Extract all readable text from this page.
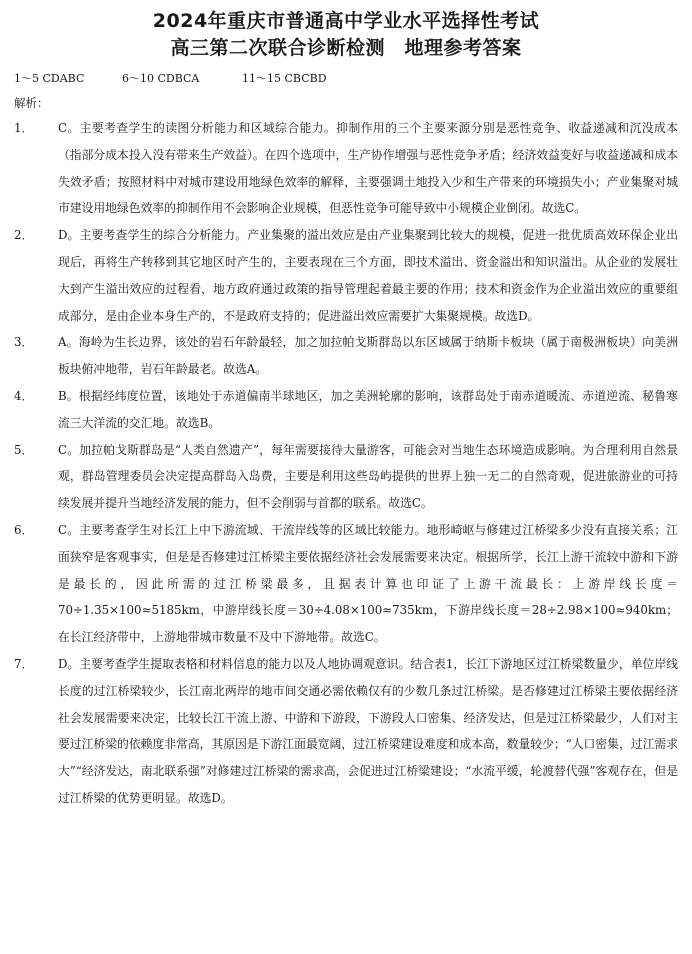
2024年重庆市普通高中学业水平选择性考试
高三第二次联合诊断检测　地理参考答案
1～5 CDABC	6～10 CDBCA	11～15 CBCBD
解析：
1．	C。主要考查学生的读图分析能力和区域综合能力。抑制作用的三个主要来源分别是恶性竞争、收益递减和沉没成本（指部分成本投入没有带来生产效益）。在四个选项中，生产协作增强与恶性竞争矛盾；经济效益变好与收益递减和成本失效矛盾；按照材料中对城市建设用地绿色效率的解释，主要强调土地投入少和生产带来的环境损失小；产业集聚对城市建设用地绿色效率的抑制作用不会影响企业规模，但恶性竞争可能导致中小规模企业倒闭。故选C。
2．	D。主要考查学生的综合分析能力。产业集聚的溢出效应是由产业集聚到比较大的规模，促进一批优质高效环保企业出现后，再将生产转移到其它地区时产生的，主要表现在三个方面，即技术溢出、资金溢出和知识溢出。从企业的发展壮大到产生溢出效应的过程看，地方政府通过政策的指导管理起着最主要的作用；技术和资金作为企业溢出效应的重要组成部分，是由企业本身生产的，不是政府支持的；促进溢出效应需要扩大集聚规模。故选D。
3．	A。海岭为生长边界，该处的岩石年龄最轻，加之加拉帕戈斯群岛以东区域属于纳斯卡板块（属于南极洲板块）向美洲板块俯冲地带，岩石年龄最老。故选A。
4．	B。根据经纬度位置，该地处于赤道偏南半球地区，加之美洲轮廓的影响，该群岛处于南赤道暖流、赤道逆流、秘鲁寒流三大洋流的交汇地。故选B。
5．	C。加拉帕戈斯群岛是“人类自然遗产”，每年需要接待大量游客，可能会对当地生态环境造成影响。为合理利用自然景观，群岛管理委员会决定提高群岛入岛费，主要是利用这些岛屿提供的世界上独一无二的自然奇观，促进旅游业的可持续发展并提升当地经济发展的能力，但不会削弱与首都的联系。故选C。
6．	C。主要考查学生对长江上中下游流域、干流岸线等的区域比较能力。地形崎岖与修建过江桥梁多少没有直接关系；江面狭窄是客观事实，但是是否修建过江桥梁主要依据经济社会发展需要来决定。根据所学，长江上游干流较中游和下游是最长的，因此所需的过江桥梁最多，且据表计算也印证了上游干流最长：上游岸线长度＝70÷1.35×100≈5185km，中游岸线长度＝30÷4.08×100≈735km，下游岸线长度＝28÷2.98×100≈940km；在长江经济带中，上游地带城市数量不及中下游地带。故选C。
7．	D。主要考查学生提取表格和材料信息的能力以及人地协调观意识。结合表1，长江下游地区过江桥梁数量少，单位岸线长度的过江桥梁较少，长江南北两岸的地市间交通必需依赖仅有的少数几条过江桥梁。是否修建过江桥梁主要依据经济社会发展需要来决定，比较长江干流上游、中游和下游段，下游段人口密集、经济发达，但是过江桥梁最少，人们对主要过江桥梁的依赖度非常高，其原因是下游江面最宽阔，过江桥梁建设难度和成本高，数量较少；“人口密集，过江需求大”“经济发达，南北联系强”对修建过江桥梁的需求高，会促进过江桥梁建设；“水流平缓，轮渡替代强”客观存在，但是过江桥梁的优势更明显。故选D。
